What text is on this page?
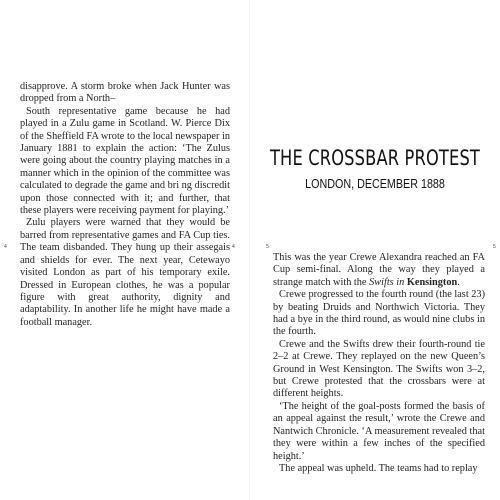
disapprove. A storm broke when Jack Hunter was dropped from a North–

South representative game because he had played in a Zulu game in Scotland. W. Pierce Dix of the Sheffield FA wrote to the local newspaper in January 1881 to explain the action: ‘The Zulus were going about the country playing matches in a manner which in the opinion of the committee was calculated to degrade the game and bri ng discredit upon those connected with it; and further, that these players were receiving payment for playing.’

Zulu players were warned that they would be barred from representative games and FA Cup ties. The team disbanded. They hung up their assegais and shields for ever. The next year, Cetewayo visited London as part of his temporary exile. Dressed in European clothes, he was a popular figure with great authority, dignity and adaptability. In another life he might have made a football manager.

4	4
THE CROSSBAR PROTEST
LONDON, DECEMBER 1888

This was the year Crewe Alexandra reached an FA Cup semi-final. Along the way they played a strange match with the Swifts in Kensington.

Crewe progressed to the fourth round (the last 23) by beating Druids and Northwich Victoria. They had a bye in the third round, as would nine clubs in the fourth.

Crewe and the Swifts drew their fourth-round tie 2–2 at Crewe. They replayed on the new Queen’s Ground in West Kensington. The Swifts won 3–2, but Crewe protested that the crossbars were at different heights.

‘The height of the goal-posts formed the basis of an appeal against the result,’ wrote the Crewe and Nantwich Chronicle. ‘A measurement revealed that they were within a few inches of the specified height.’

The appeal was upheld. The teams had to replay

5	5
